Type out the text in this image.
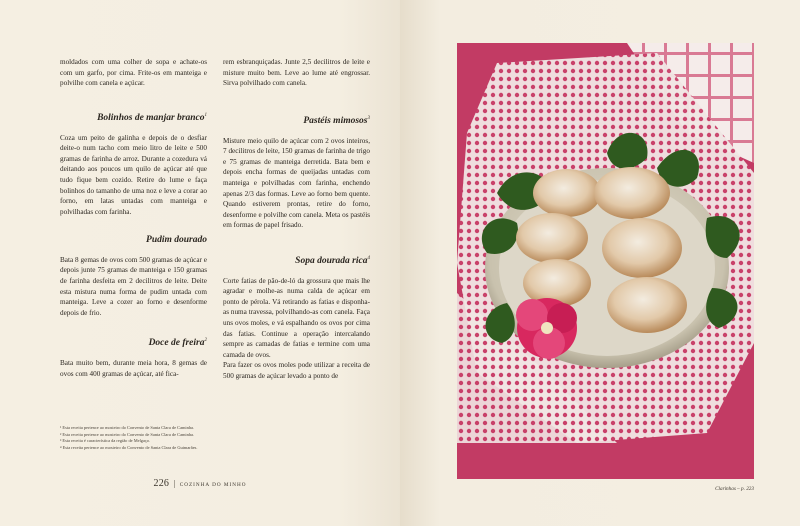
moldados com uma colher de sopa e achate-os com um garfo, por cima. Frite-os em manteiga e polvilhe com canela e açúcar.

Bolinhos de manjar branco$^1$

Coza um peito de galinha e depois de o desfiar deite-o num tacho com meio litro de leite e 500 gramas de farinha de arroz. Durante a cozedura vá deitando aos poucos um quilo de açúcar até que tudo fique bem cozido. Retire do lume e faça bolinhos do tamanho de uma noz e leve a corar ao forno, em latas untadas com manteiga e polvilhadas com farinha.

Pudim dourado

Bata 8 gemas de ovos com 500 gramas de açúcar e depois junte 75 gramas de manteiga e 150 gramas de farinha desfeita em 2 decilitros de leite. Deite esta mistura numa forma de pudim untada com manteiga. Leve a cozer ao forno e desenforme depois de frio.

Doce de freira$^2$

Bata muito bem, durante meia hora, 8 gemas de ovos com 400 gramas de açúcar, até fica-

rem esbranquiçadas. Junte 2,5 decilitros de leite e misture muito bem. Leve ao lume até engrossar. Sirva polvilhado com canela.

Pastéis mimosos$^3$

Misture meio quilo de açúcar com 2 ovos inteiros, 7 decilitros de leite, 150 gramas de farinha de trigo e 75 gramas de manteiga derretida. Bata bem e depois encha formas de queijadas untadas com manteiga e polvilhadas com farinha, enchendo apenas 2/3 das formas. Leve ao forno bem quente. Quando estiverem prontas, retire do forno, desenforme e polvilhe com canela. Meta os pastéis em formas de papel frisado.

Sopa dourada rica$^4$

Corte fatias de pão-de-ló da grossura que mais lhe agradar e molhe-as numa calda de açúcar em ponto de pérola. Vá retirando as fatias e disponha-as numa travessa, polvilhando-as com canela. Faça uns ovos moles, e vá espalhando os ovos por cima das fatias. Continue a operação intercalando sempre as camadas de fatias e termine com uma camada de ovos.

Para fazer os ovos moles pode utilizar a receita de 500 gramas de açúcar levado a ponto de

¹ Esta receita pertence ao mosteiro do Convento de Santa Clara de Caminha.

² Esta receita pertence ao mosteiro do Convento de Santa Clara de Caminha.

³ Esta receita é característica da região de Melgaço.

⁴ Esta receita pertence ao mosteiro do Convento de Santa Clara de Guimarães.

226  |  COZINHA DO MINHO
Clarinhas – p. 223
